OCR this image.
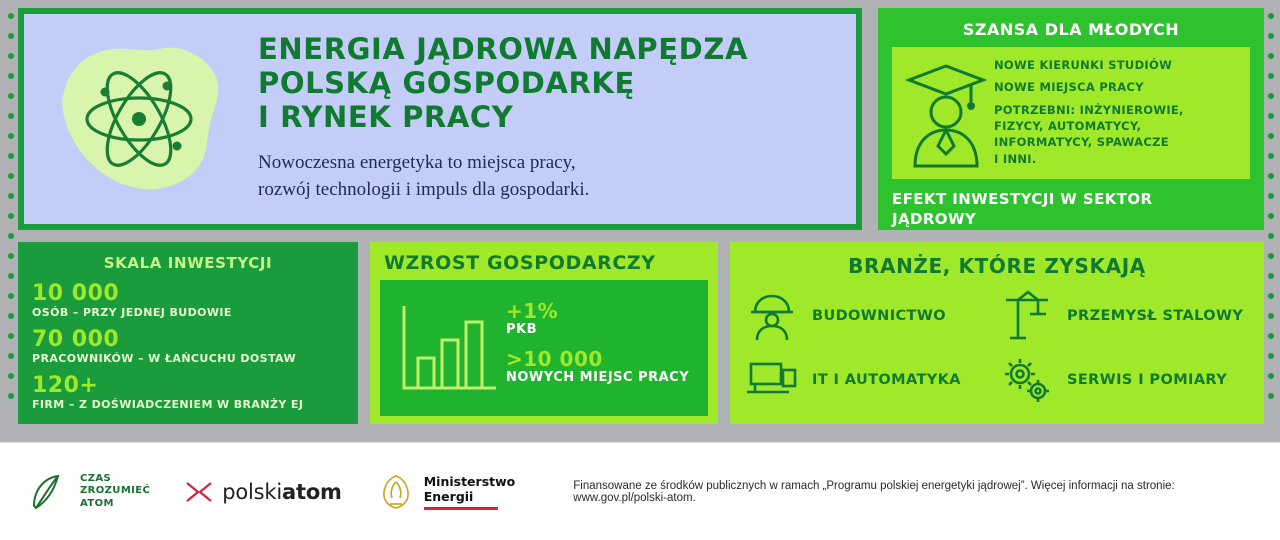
ENERGIA JĄDROWA NAPĘDZA
POLSKĄ GOSPODARKĘ
I RYNEK PRACY

Nowoczesna energetyka to miejsca pracy,
rozwój technologii i impuls dla gospodarki.

SZANSA DLA MŁODYCH
NOWE KIERUNKI STUDIÓW
NOWE MIEJSCA PRACY
POTRZEBNI: INŻYNIEROWIE,
FIZYCY, AUTOMATYCY,
INFORMATYCY, SPAWACZE
I INNI.
EFEKT INWESTYCJI W SEKTOR
JĄDROWY
SKALA INWESTYCJI
10 000
OSÓB – PRZY JEDNEJ BUDOWIE
70 000
PRACOWNIKÓW – W ŁAŃCUCHU DOSTAW
120+
FIRM – Z DOŚWIADCZENIEM W BRANŻY EJ
WZROST GOSPODARCZY
+1%
PKB
>10 000
NOWYCH MIEJSC PRACY
BRANŻE, KTÓRE ZYSKAJĄ
BUDOWNICTWO	PRZEMYSŁ STALOWY
IT I AUTOMATYKA	SERWIS I POMIARY
CZAS
ZROZUMIEĆ
ATOM	polskiatom	Ministerstwo
Energii
Finansowane ze środków publicznych w ramach „Programu polskiej energetyki jądrowej”. Więcej informacji na stronie: www.gov.pl/polski-atom.
